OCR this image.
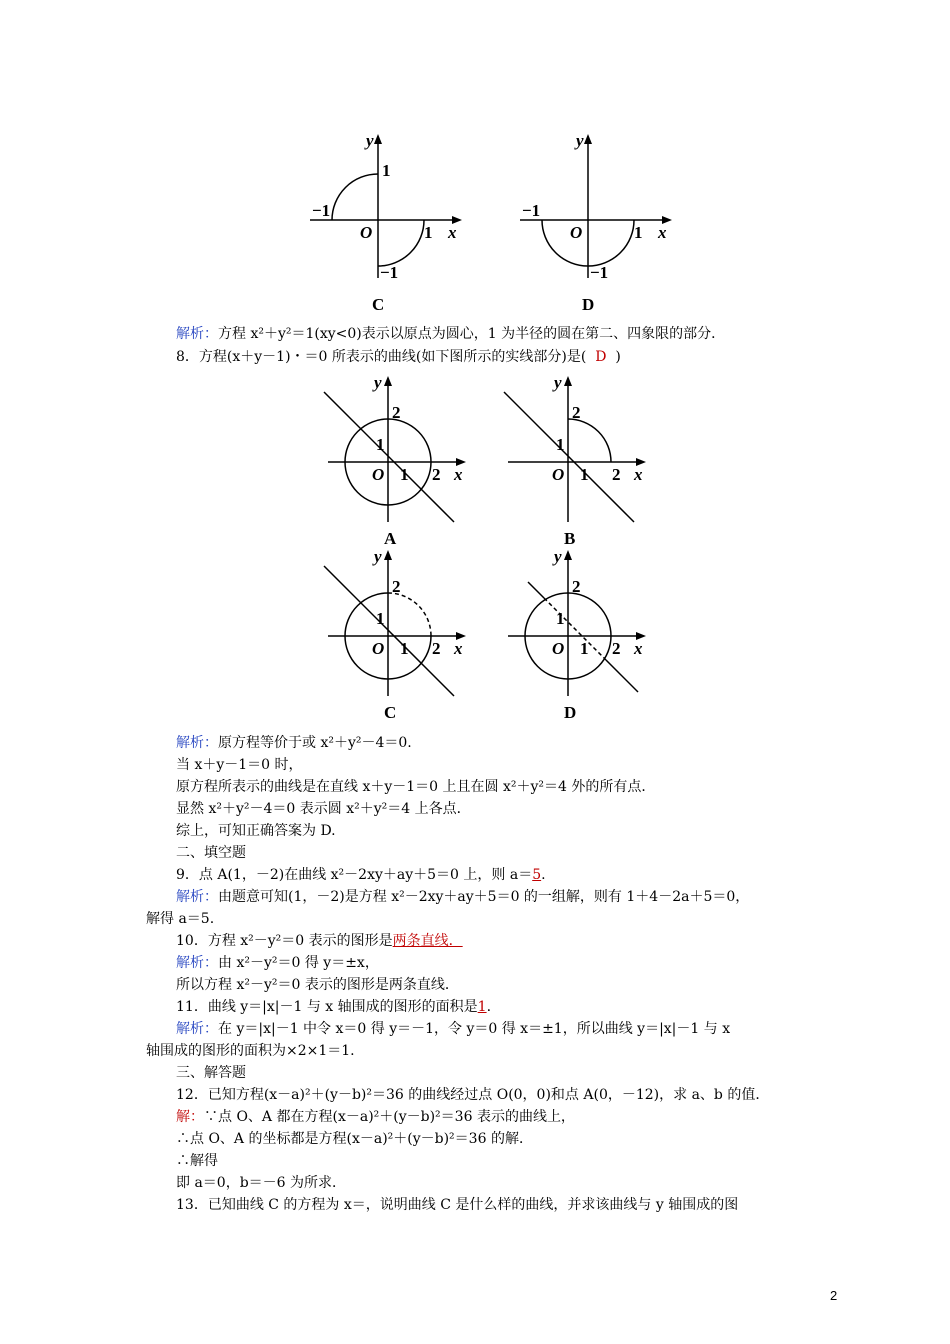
y
1
−1
O	1 x
−1
C
y
−1
O	1 x
−1
D
y
2
1
O 1 2 x
A
y
2
1
O 1 2 x
B
y
2
1
O 1 2 x
C
y
2
1
O 1 2 x
D
解析：方程 x²＋y²＝1(xy<0)表示以原点为圆心，1 为半径的圆在第二、四象限的部分．
8．方程(x＋y－1)・＝0 所表示的曲线(如下图所示的实线部分)是( D )
解析：原方程等价于或 x²＋y²－4＝0.
当 x＋y－1＝0 时，
原方程所表示的曲线是在直线 x＋y－1＝0 上且在圆 x²＋y²＝4 外的所有点．
显然 x²＋y²－4＝0 表示圆 x²＋y²＝4 上各点．
综上，可知正确答案为 D.
二、填空题
9．点 A(1，－2)在曲线 x²－2xy＋ay＋5＝0 上，则 a＝5.
解析：由题意可知(1，－2)是方程 x²－2xy＋ay＋5＝0 的一组解，则有 1＋4－2a＋5＝0，
解得 a＝5.
10．方程 x²－y²＝0 表示的图形是两条直线．
解析：由 x²－y²＝0 得 y＝±x，
所以方程 x²－y²＝0 表示的图形是两条直线．
11．曲线 y＝|x|－1 与 x 轴围成的图形的面积是1.
解析：在 y＝|x|－1 中令 x＝0 得 y＝－1，令 y＝0 得 x＝±1，所以曲线 y＝|x|－1 与 x
轴围成的图形的面积为×2×1＝1.
三、解答题
12．已知方程(x－a)²＋(y－b)²＝36 的曲线经过点 O(0，0)和点 A(0，－12)，求 a、b 的值．
解：∵点 O、A 都在方程(x－a)²＋(y－b)²＝36 表示的曲线上，
∴点 O、A 的坐标都是方程(x－a)²＋(y－b)²＝36 的解．
∴解得
即 a＝0，b＝－6 为所求．
13．已知曲线 C 的方程为 x＝，说明曲线 C 是什么样的曲线，并求该曲线与 y 轴围成的图
2
